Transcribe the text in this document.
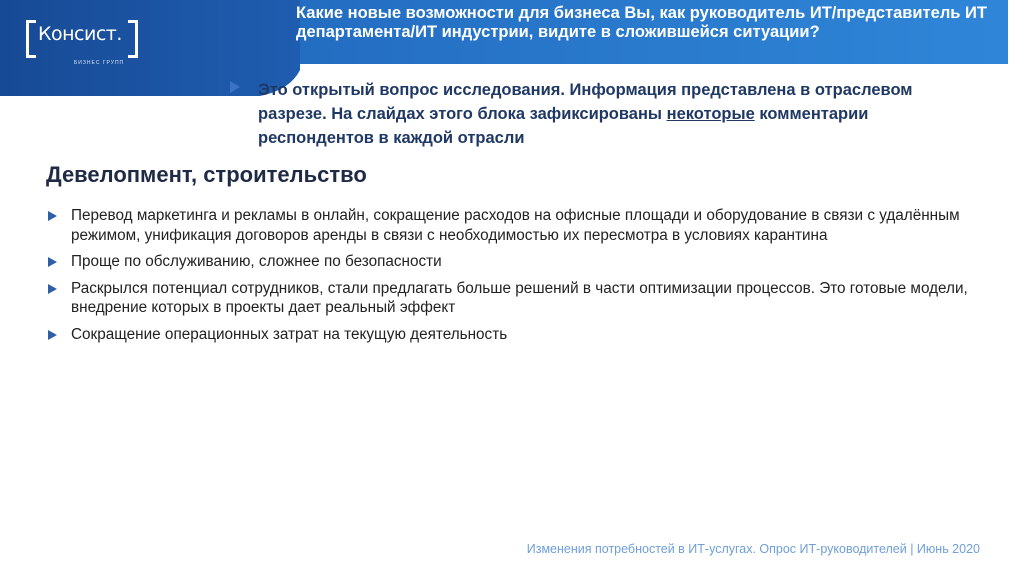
Консист.
БИЗНЕС ГРУПП
Какие новые возможности для бизнеса Вы, как руководитель ИТ/представитель ИТ департамента/ИТ индустрии, видите в сложившейся ситуации?
Это открытый вопрос исследования. Информация представлена в отраслевом разрезе. На слайдах этого блока зафиксированы некоторые комментарии респондентов в каждой отрасли
Девелопмент, строительство
Перевод маркетинга и рекламы в онлайн, сокращение расходов на офисные площади и оборудование в связи с удалённым режимом, унификация договоров аренды в связи с необходимостью их пересмотра в условиях карантина
Проще по обслуживанию, сложнее по безопасности
Раскрылся потенциал сотрудников, стали предлагать больше решений в части оптимизации процессов. Это готовые модели, внедрение которых в проекты дает реальный эффект
Сокращение операционных затрат на текущую деятельность
Изменения потребностей в ИТ-услугах. Опрос ИТ-руководителей | Июнь 2020
